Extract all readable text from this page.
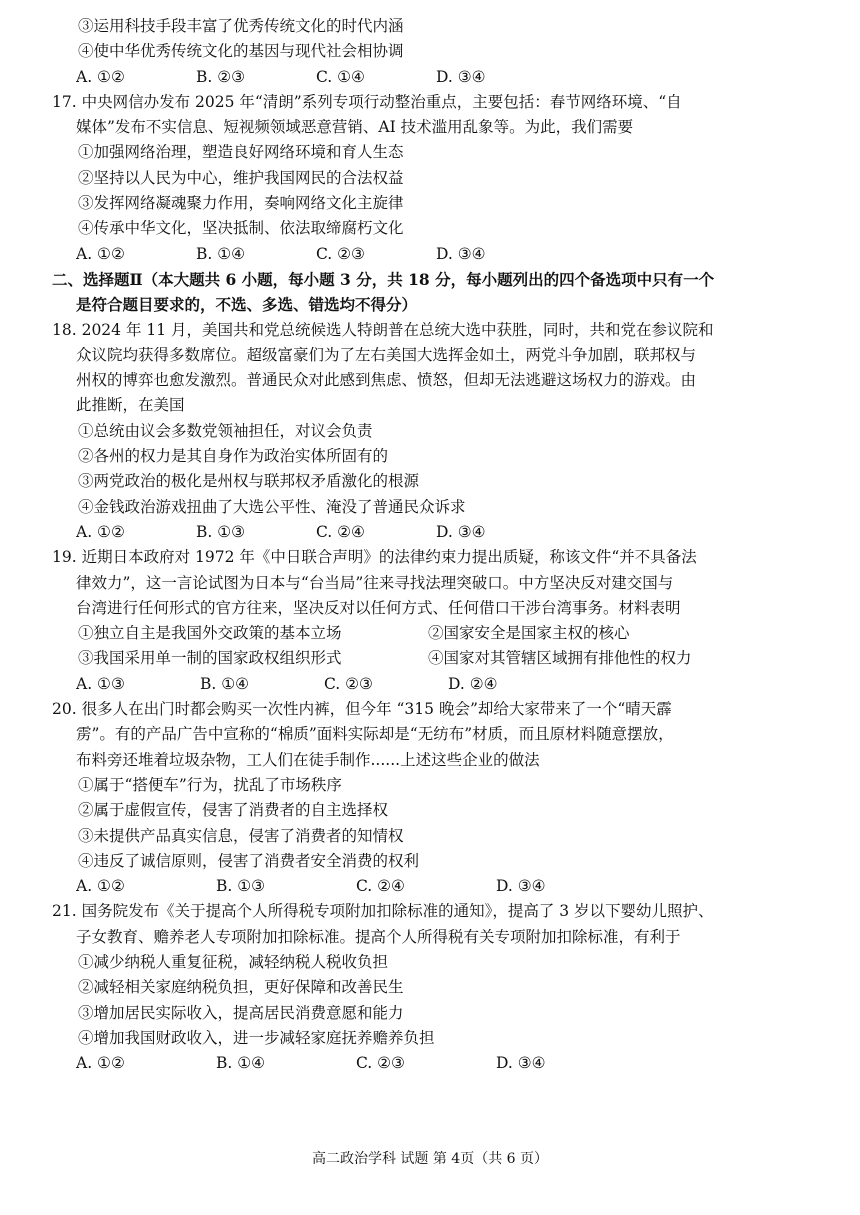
③运用科技手段丰富了优秀传统文化的时代内涵
④使中华优秀传统文化的基因与现代社会相协调
A. ①②	B. ②③	C. ①④	D. ③④
17. 中央网信办发布 2025 年“清朗”系列专项行动整治重点，主要包括：春节网络环境、“自
媒体”发布不实信息、短视频领域恶意营销、AI 技术滥用乱象等。为此，我们需要
①加强网络治理，塑造良好网络环境和育人生态
②坚持以人民为中心，维护我国网民的合法权益
③发挥网络凝魂聚力作用，奏响网络文化主旋律
④传承中华文化，坚决抵制、依法取缔腐朽文化
A. ①②	B. ①④	C. ②③	D. ③④
二、选择题Ⅱ（本大题共 6 小题，每小题 3 分，共 18 分，每小题列出的四个备选项中只有一个
是符合题目要求的，不选、多选、错选均不得分）
18. 2024 年 11 月，美国共和党总统候选人特朗普在总统大选中获胜，同时，共和党在参议院和
众议院均获得多数席位。超级富豪们为了左右美国大选挥金如土，两党斗争加剧，联邦权与
州权的博弈也愈发激烈。普通民众对此感到焦虑、愤怒，但却无法逃避这场权力的游戏。由
此推断，在美国
①总统由议会多数党领袖担任，对议会负责
②各州的权力是其自身作为政治实体所固有的
③两党政治的极化是州权与联邦权矛盾激化的根源
④金钱政治游戏扭曲了大选公平性、淹没了普通民众诉求
A. ①②	B. ①③	C. ②④	D. ③④
19. 近期日本政府对 1972 年《中日联合声明》的法律约束力提出质疑，称该文件“并不具备法
律效力”，这一言论试图为日本与“台当局”往来寻找法理突破口。中方坚决反对建交国与
台湾进行任何形式的官方往来，坚决反对以任何方式、任何借口干涉台湾事务。材料表明
①独立自主是我国外交政策的基本立场	②国家安全是国家主权的核心
③我国采用单一制的国家政权组织形式	④国家对其管辖区域拥有排他性的权力
A. ①③	B. ①④	C. ②③	D. ②④
20. 很多人在出门时都会购买一次性内裤，但今年 “315 晚会”却给大家带来了一个“晴天霹
雳”。有的产品广告中宣称的“棉质”面料实际却是“无纺布”材质，而且原材料随意摆放，
布料旁还堆着垃圾杂物，工人们在徒手制作......上述这些企业的做法
①属于“搭便车”行为，扰乱了市场秩序
②属于虚假宣传，侵害了消费者的自主选择权
③未提供产品真实信息，侵害了消费者的知情权
④违反了诚信原则，侵害了消费者安全消费的权利
A. ①②	B. ①③	C. ②④	D. ③④
21. 国务院发布《关于提高个人所得税专项附加扣除标准的通知》，提高了 3 岁以下婴幼儿照护、
子女教育、赡养老人专项附加扣除标准。提高个人所得税有关专项附加扣除标准，有利于
①减少纳税人重复征税，减轻纳税人税收负担
②减轻相关家庭纳税负担，更好保障和改善民生
③增加居民实际收入，提高居民消费意愿和能力
④增加我国财政收入，进一步减轻家庭抚养赡养负担
A. ①②	B. ①④	C. ②③	D. ③④
高二政治学科 试题 第 4页（共 6 页）
